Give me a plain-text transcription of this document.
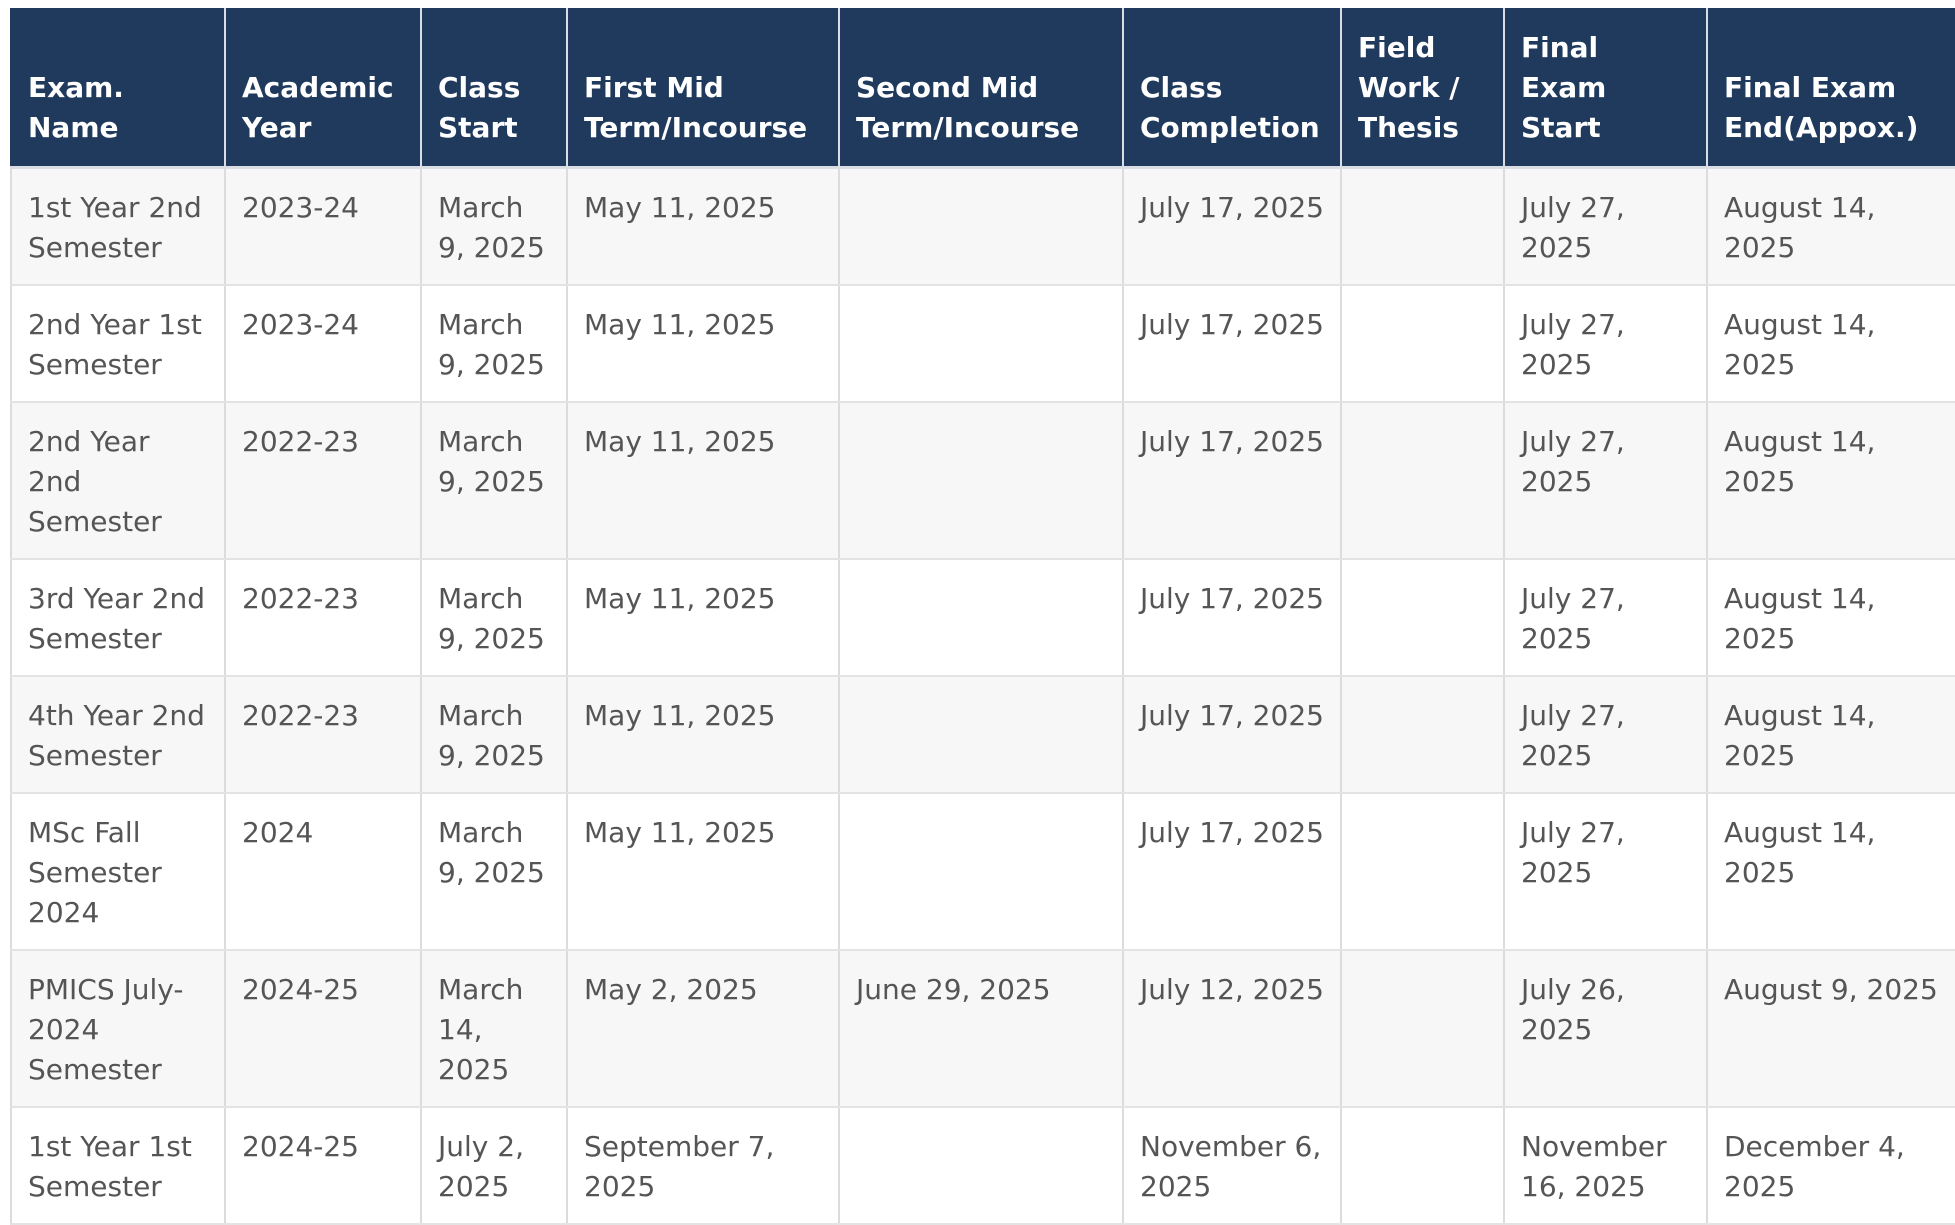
Exam. Name	Academic Year	Class Start	First Mid Term/Incourse	Second Mid Term/Incourse	Class Completion	Field Work / Thesis	Final Exam Start	Final Exam End(Appox.)
1st Year 2nd Semester	2023-24	March 9, 2025	May 11, 2025		July 17, 2025		July 27, 2025	August 14, 2025
2nd Year 1st Semester	2023-24	March 9, 2025	May 11, 2025		July 17, 2025		July 27, 2025	August 14, 2025
2nd Year 2nd Semester	2022-23	March 9, 2025	May 11, 2025		July 17, 2025		July 27, 2025	August 14, 2025
3rd Year 2nd Semester	2022-23	March 9, 2025	May 11, 2025		July 17, 2025		July 27, 2025	August 14, 2025
4th Year 2nd Semester	2022-23	March 9, 2025	May 11, 2025		July 17, 2025		July 27, 2025	August 14, 2025
MSc Fall Semester 2024	2024	March 9, 2025	May 11, 2025		July 17, 2025		July 27, 2025	August 14, 2025
PMICS July-2024 Semester	2024-25	March 14, 2025	May 2, 2025	June 29, 2025	July 12, 2025		July 26, 2025	August 9, 2025
1st Year 1st Semester	2024-25	July 2, 2025	September 7, 2025		November 6, 2025		November 16, 2025	December 4, 2025
